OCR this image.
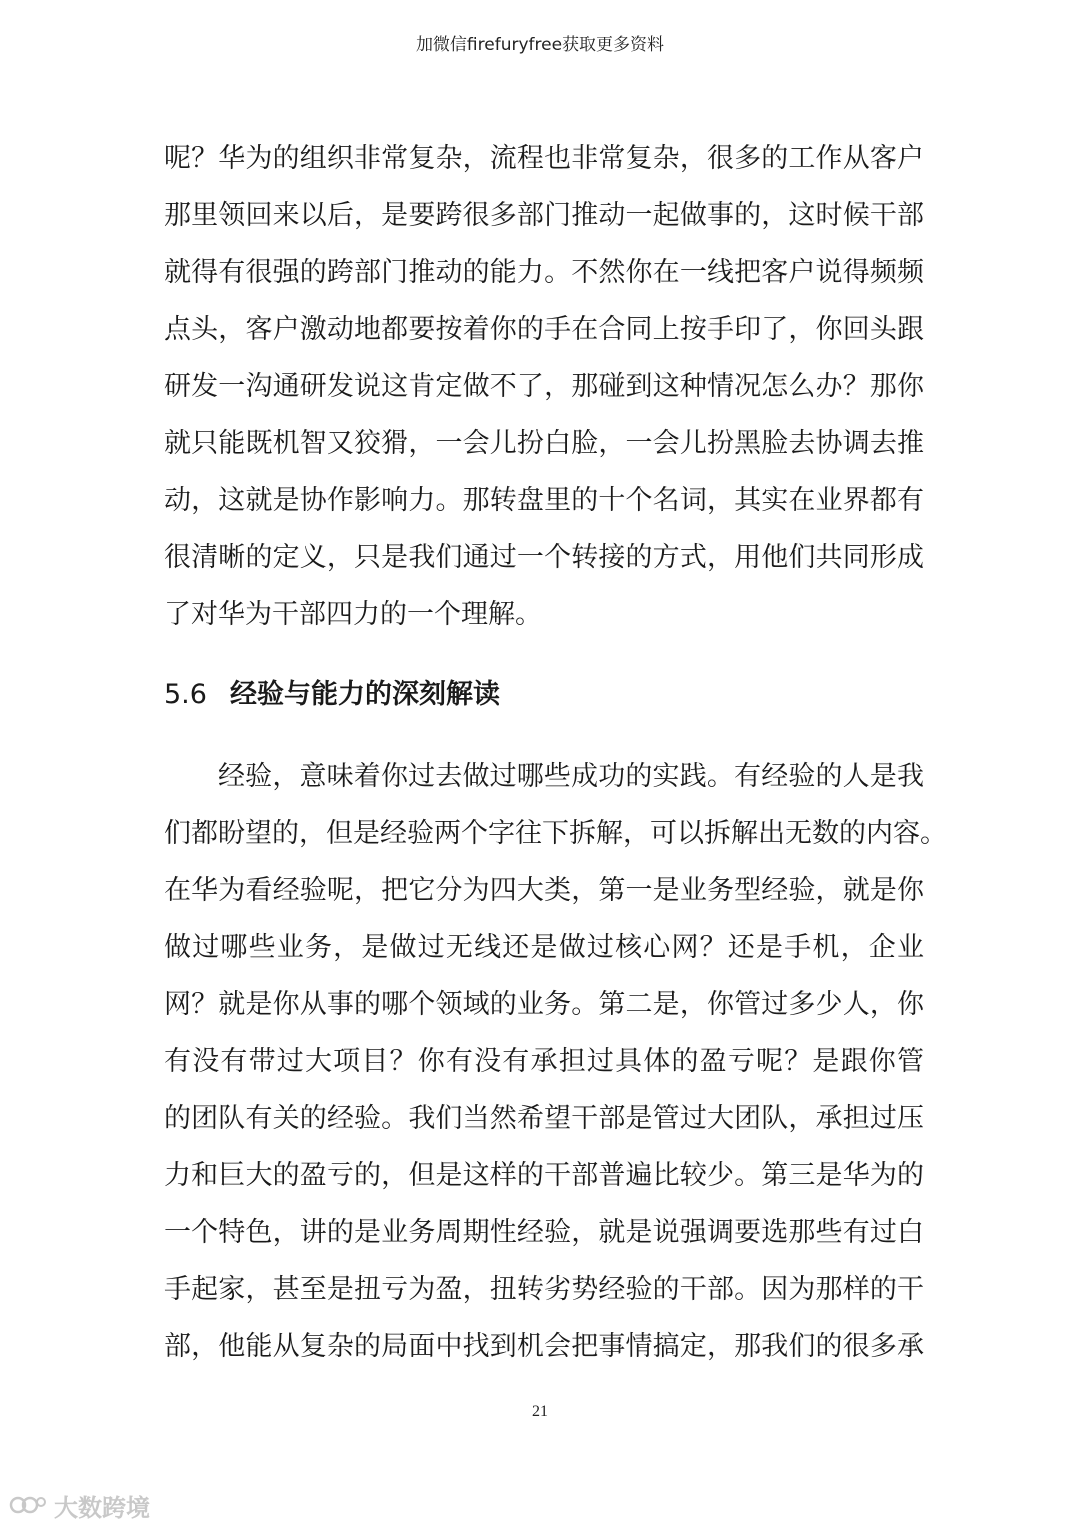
加微信firefuryfree获取更多资料
呢？华为的组织非常复杂，流程也非常复杂，很多的工作从客户
那里领回来以后，是要跨很多部门推动一起做事的，这时候干部
就得有很强的跨部门推动的能力。不然你在一线把客户说得频频
点头，客户激动地都要按着你的手在合同上按手印了，你回头跟
研发一沟通研发说这肯定做不了，那碰到这种情况怎么办？那你
就只能既机智又狡猾，一会儿扮白脸，一会儿扮黑脸去协调去推
动，这就是协作影响力。那转盘里的十个名词，其实在业界都有
很清晰的定义，只是我们通过一个转接的方式，用他们共同形成
了对华为干部四力的一个理解。
5.6 经验与能力的深刻解读
经验，意味着你过去做过哪些成功的实践。有经验的人是我
们都盼望的，但是经验两个字往下拆解，可以拆解出无数的内容。
在华为看经验呢，把它分为四大类，第一是业务型经验，就是你
做过哪些业务，是做过无线还是做过核心网？还是手机，企业
网？就是你从事的哪个领域的业务。第二是，你管过多少人，你
有没有带过大项目？你有没有承担过具体的盈亏呢？是跟你管
的团队有关的经验。我们当然希望干部是管过大团队，承担过压
力和巨大的盈亏的，但是这样的干部普遍比较少。第三是华为的
一个特色，讲的是业务周期性经验，就是说强调要选那些有过白
手起家，甚至是扭亏为盈，扭转劣势经验的干部。因为那样的干
部，他能从复杂的局面中找到机会把事情搞定，那我们的很多承
21
大数跨境
